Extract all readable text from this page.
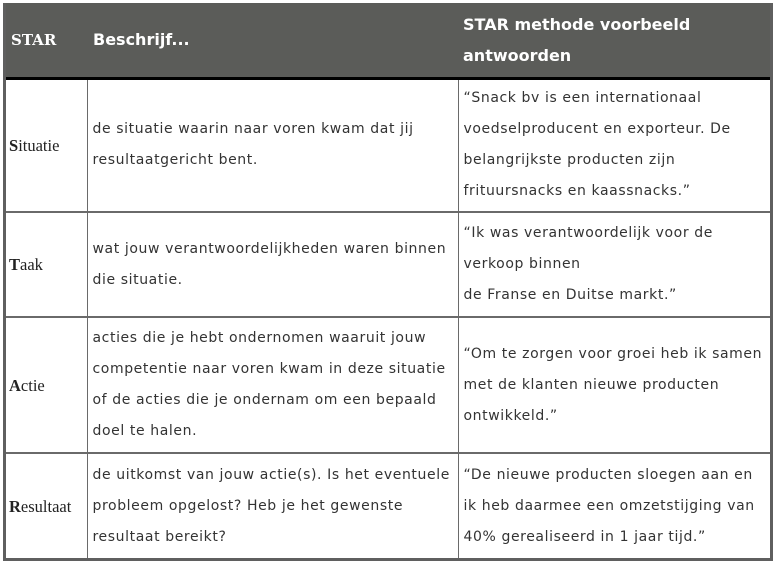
STAR	Beschrijf...	STAR methode voorbeeld antwoorden
Situatie	de situatie waarin naar voren kwam dat jij resultaatgericht bent.	“Snack bv is een internationaal voedselproducent en exporteur. De belangrijkste producten zijn frituursnacks en kaassnacks.”

Taak	wat jouw verantwoordelijkheden waren binnen die situatie.	“Ik was verantwoordelijk voor de verkoop binnen
de Franse en Duitse markt.”

Actie	acties die je hebt ondernomen waaruit jouw competentie naar voren kwam in deze situatie of de acties die je ondernam om een bepaald doel te halen.	“Om te zorgen voor groei heb ik samen met de klanten nieuwe producten ontwikkeld.”

Resultaat	de uitkomst van jouw actie(s). Is het eventuele probleem opgelost? Heb je het gewenste resultaat bereikt?	“De nieuwe producten sloegen aan en ik heb daarmee een omzetstijging van 40% gerealiseerd in 1 jaar tijd.”
